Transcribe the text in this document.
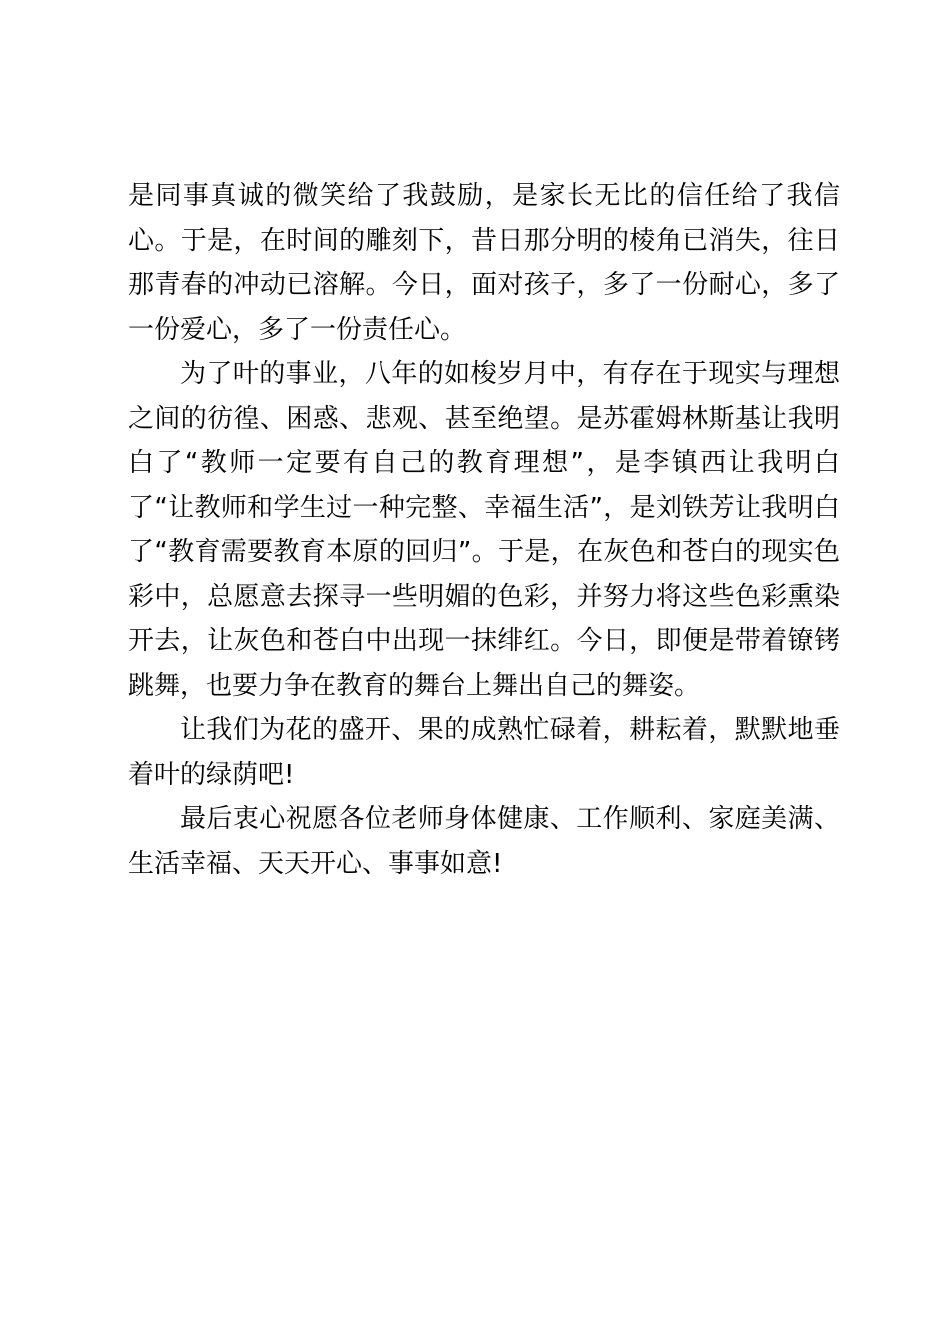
是同事真诚的微笑给了我鼓励，是家长无比的信任给了我信心。于是，在时间的雕刻下，昔日那分明的棱角已消失，往日那青春的冲动已溶解。今日，面对孩子，多了一份耐心，多了一份爱心，多了一份责任心。

为了叶的事业，八年的如梭岁月中，有存在于现实与理想之间的彷徨、困惑、悲观、甚至绝望。是苏霍姆林斯基让我明白了“教师一定要有自己的教育理想”，是李镇西让我明白了“让教师和学生过一种完整、幸福生活”，是刘铁芳让我明白了“教育需要教育本原的回归”。于是，在灰色和苍白的现实色彩中，总愿意去探寻一些明媚的色彩，并努力将这些色彩熏染开去，让灰色和苍白中出现一抹绯红。今日，即便是带着镣铐跳舞，也要力争在教育的舞台上舞出自己的舞姿。

让我们为花的盛开、果的成熟忙碌着，耕耘着，默默地垂着叶的绿荫吧!

最后衷心祝愿各位老师身体健康、工作顺利、家庭美满、生活幸福、天天开心、事事如意!
